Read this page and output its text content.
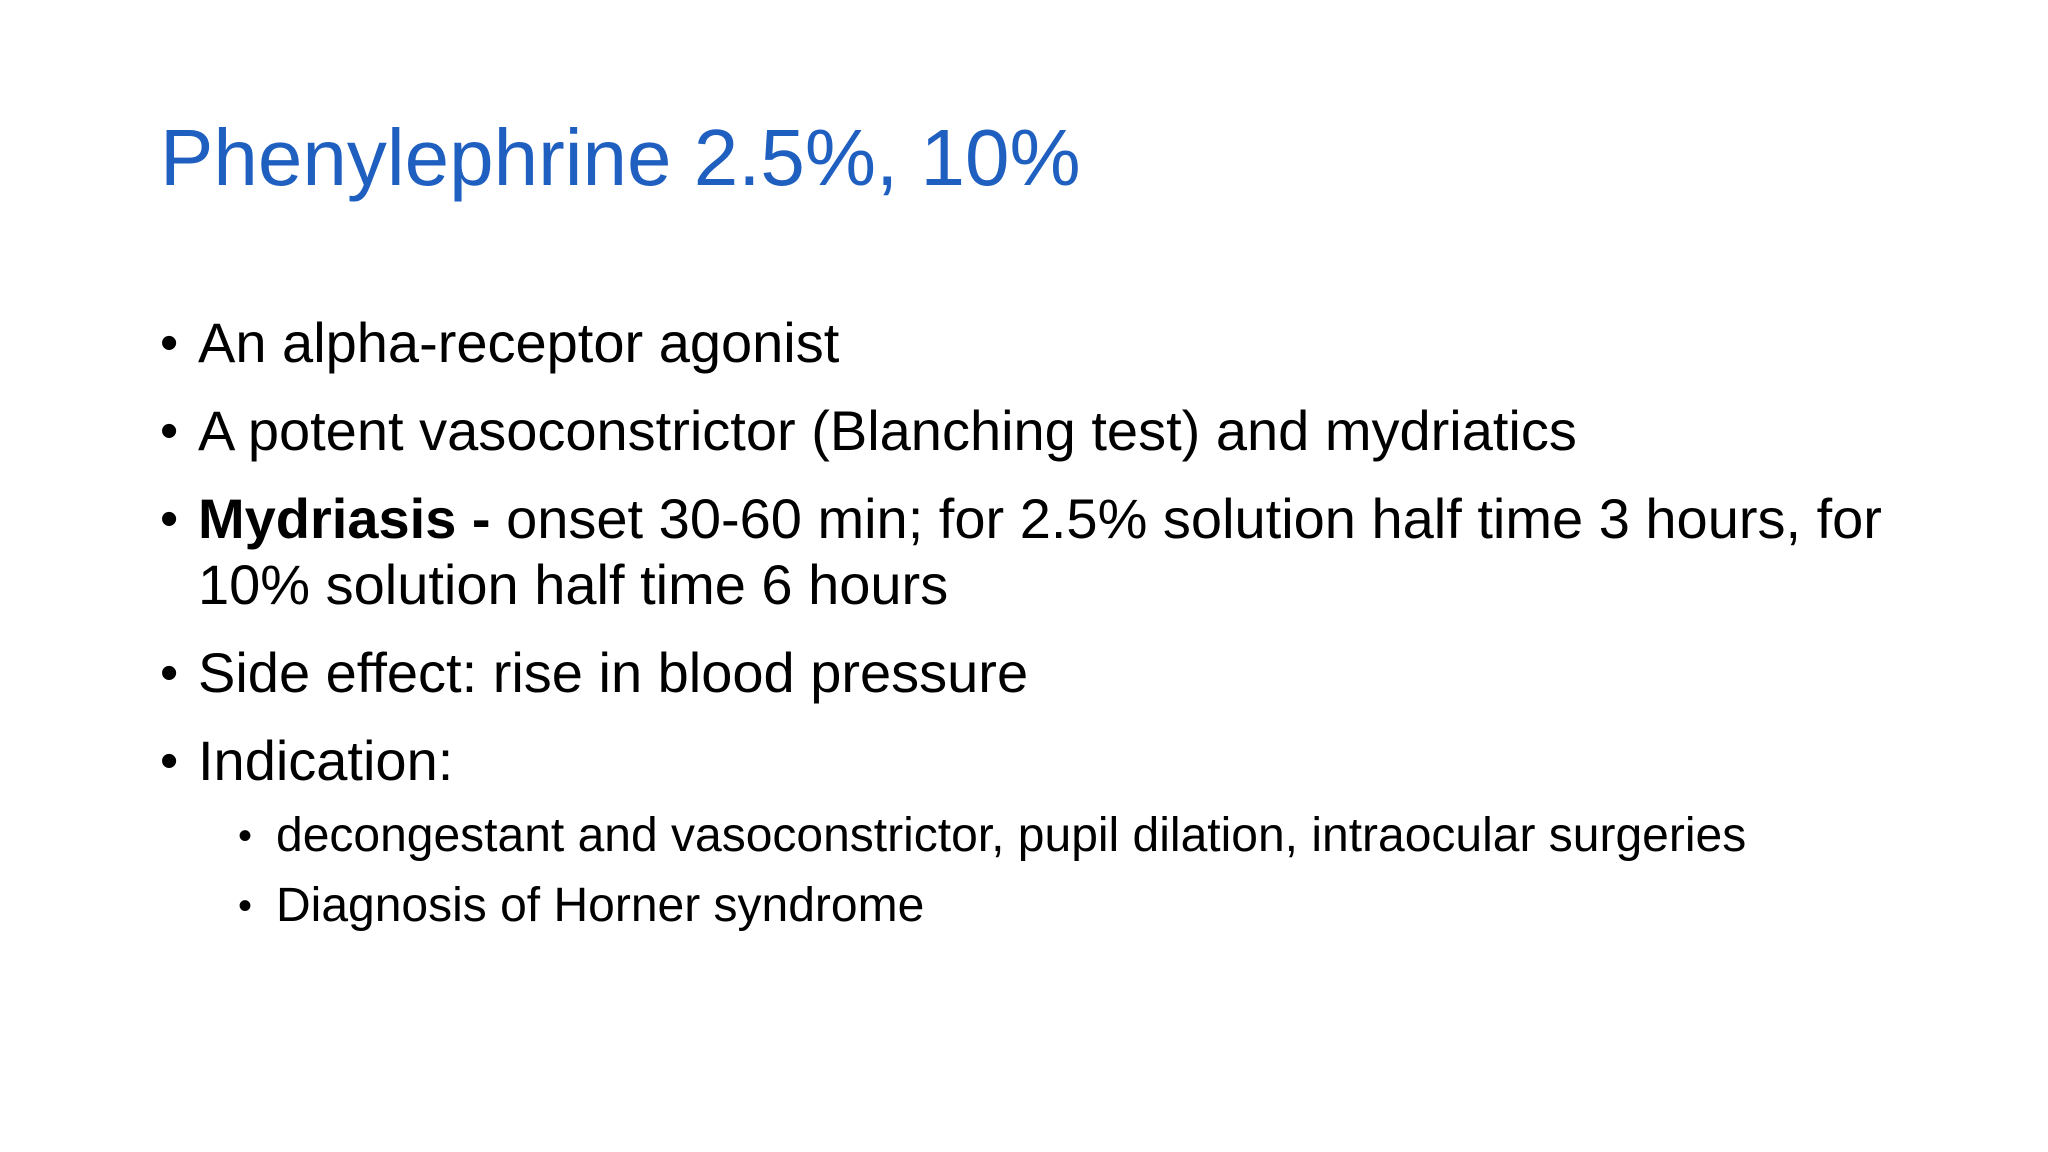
Phenylephrine 2.5%, 10%
• An alpha-receptor agonist
• A potent vasoconstrictor (Blanching test) and mydriatics
• Mydriasis - onset 30-60 min; for 2.5% solution half time 3 hours, for 10% solution half time 6 hours
• Side effect: rise in blood pressure
• Indication:
• decongestant and vasoconstrictor, pupil dilation, intraocular surgeries
• Diagnosis of Horner syndrome
